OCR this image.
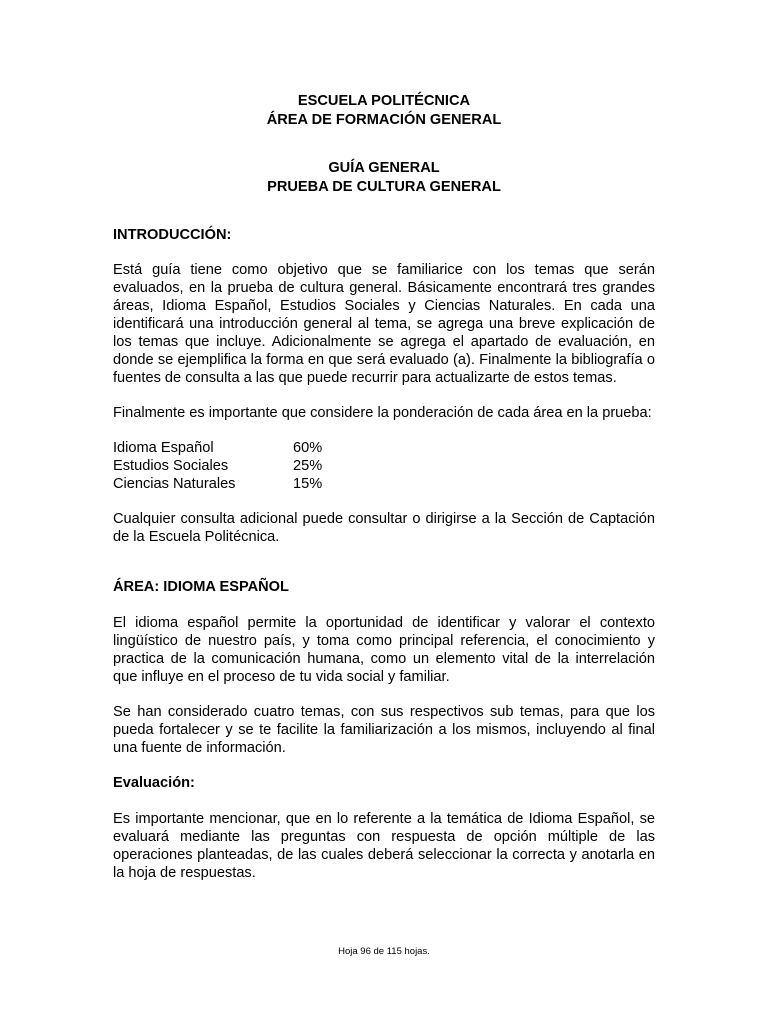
ESCUELA POLITÉCNICA
ÁREA DE FORMACIÓN GENERAL
GUÍA GENERAL
PRUEBA DE CULTURA GENERAL
INTRODUCCIÓN:

Está guía tiene como objetivo que se familiarice con los temas que serán evaluados, en la prueba de cultura general. Básicamente encontrará tres grandes áreas, Idioma Español, Estudios Sociales y Ciencias Naturales. En cada una identificará una introducción general al tema, se agrega una breve explicación de los temas que incluye. Adicionalmente se agrega el apartado de evaluación, en donde se ejemplifica la forma en que será evaluado (a). Finalmente la bibliografía o fuentes de consulta a las que puede recurrir para actualizarte de estos temas.

Finalmente es importante que considere la ponderación de cada área en la prueba:

Idioma Español	60%
Estudios Sociales	25%
Ciencias Naturales	15%

Cualquier consulta adicional puede consultar o dirigirse a la Sección de Captación de la Escuela Politécnica.

ÁREA: IDIOMA ESPAÑOL

El idioma español permite la oportunidad de identificar y valorar el contexto lingüístico de nuestro país, y toma como principal referencia, el conocimiento y practica de la comunicación humana, como un elemento vital de la interrelación que influye en el proceso de tu vida social y familiar.

Se han considerado cuatro temas, con sus respectivos sub temas, para que los pueda fortalecer y se te facilite la familiarización a los mismos, incluyendo al final una fuente de información.

Evaluación:

Es importante mencionar, que en lo referente a la temática de Idioma Español, se evaluará mediante las preguntas con respuesta de opción múltiple de las operaciones planteadas, de las cuales deberá seleccionar la correcta y anotarla en la hoja de respuestas.

Hoja 96 de 115 hojas.
